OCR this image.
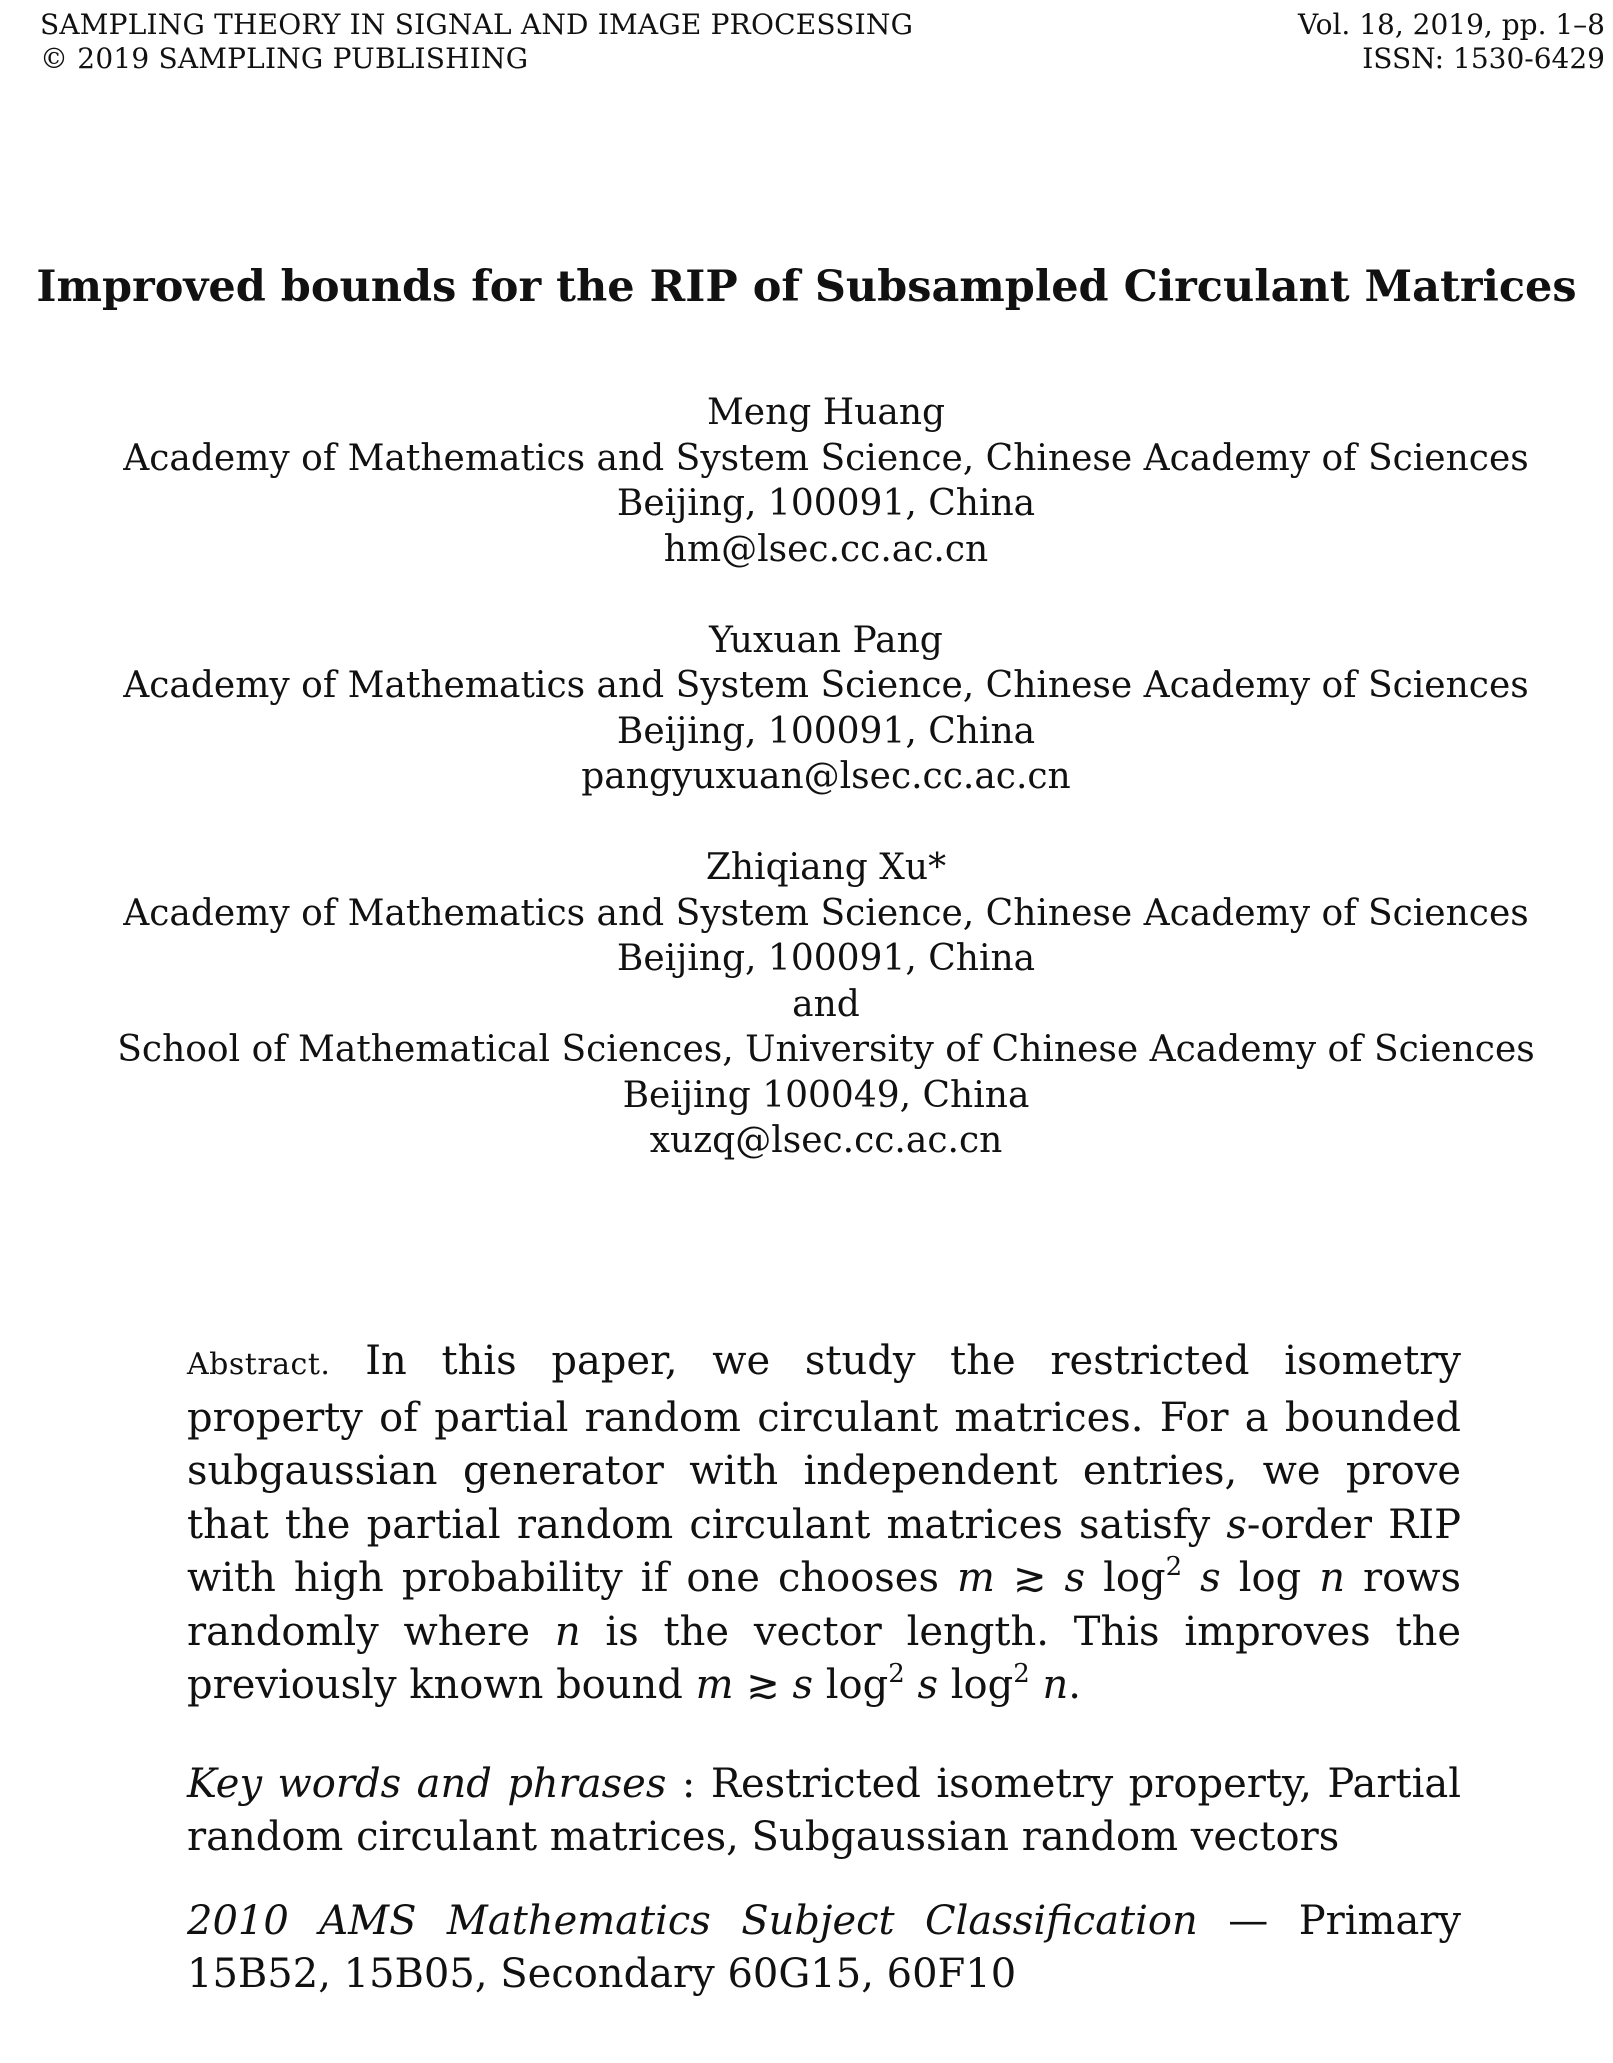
SAMPLING THEORY IN SIGNAL AND IMAGE PROCESSING
© 2019 SAMPLING PUBLISHING
Vol. 18, 2019, pp. 1–8
ISSN: 1530-6429
Improved bounds for the RIP of Subsampled Circulant Matrices
Meng Huang
Academy of Mathematics and System Science, Chinese Academy of Sciences
Beijing, 100091, China
hm@lsec.cc.ac.cn
Yuxuan Pang
Academy of Mathematics and System Science, Chinese Academy of Sciences
Beijing, 100091, China
pangyuxuan@lsec.cc.ac.cn
Zhiqiang Xu*
Academy of Mathematics and System Science, Chinese Academy of Sciences
Beijing, 100091, China
and
School of Mathematical Sciences, University of Chinese Academy of Sciences
Beijing 100049, China
xuzq@lsec.cc.ac.cn
Abstract. In this paper, we study the restricted isometry property of partial random circulant matrices. For a bounded subgaussian generator with independent entries, we prove that the partial random circulant matrices satisfy s-order RIP with high probability if one chooses m ≳ s $\log^2 s$ log n rows randomly where n is the vector length. This improves the previously known bound m ≳ s $\log^2 s$ $\log^2 n$.
Key words and phrases : Restricted isometry property, Partial random circulant matrices, Subgaussian random vectors
2010 AMS Mathematics Subject Classification — Primary 15B52, 15B05, Secondary 60G15, 60F10
